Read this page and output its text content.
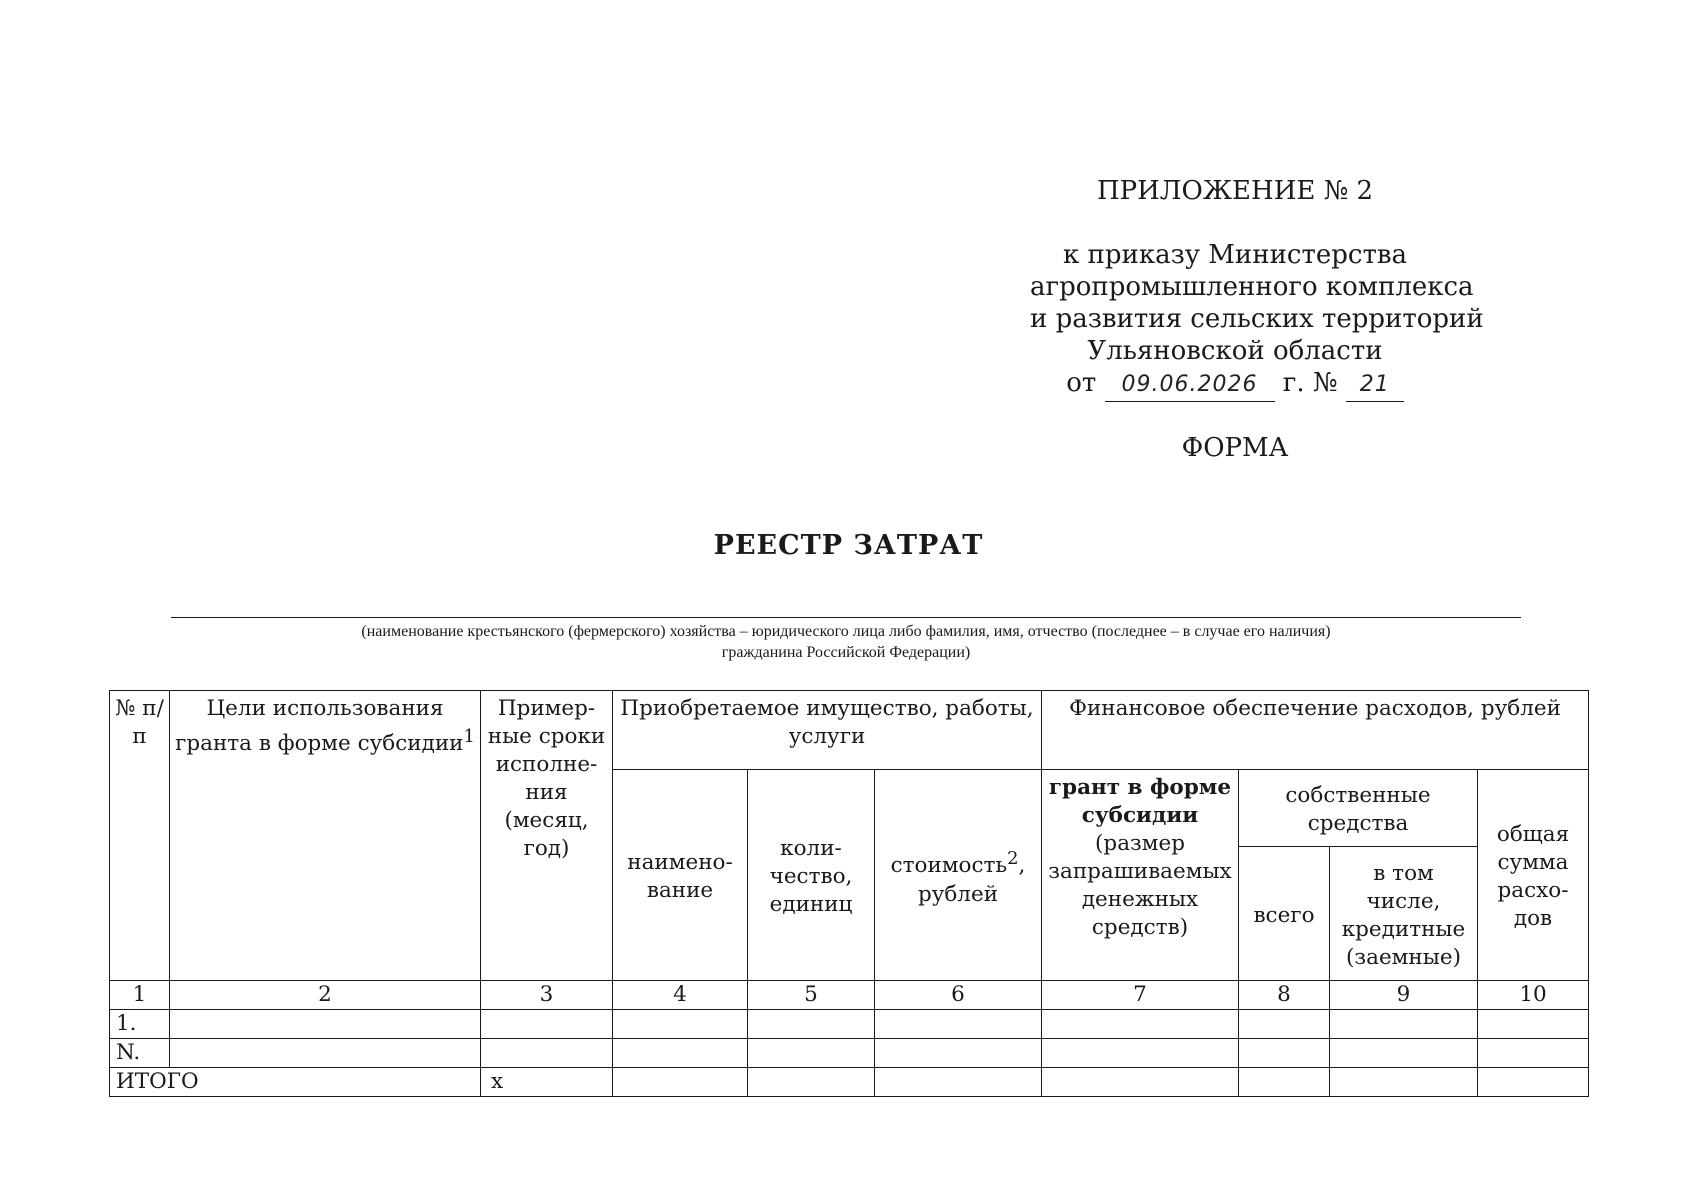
ПРИЛОЖЕНИЕ № 2
к приказу Министерства
агропромышленного комплекса
и развития сельских территорий
Ульяновской области
от 09.06.2026 г. № 21
ФОРМА
РЕЕСТР ЗАТРАТ
(наименование крестьянского (фермерского) хозяйства – юридического лица либо фамилия, имя, отчество (последнее – в случае его наличия)
гражданина Российской Федерации)
№ п/п	Цели использования гранта в форме субсидии$^1$	Пример-ные сроки исполне-ния (месяц, год)	Приобретаемое имущество, работы, услуги			Финансовое обеспечение расходов, рублей			
			наимено-вание	коли-чество, единиц	стоимость$^2$, рублей	грант в форме субсидии (размер запрашиваемых денежных средств)	собственные средства		общая сумма расхо-дов
							всего	в том числе, кредитные (заемные)	
1	2	3	4	5	6	7	8	9	10
1.									
N.									
ИТОГО		х							
